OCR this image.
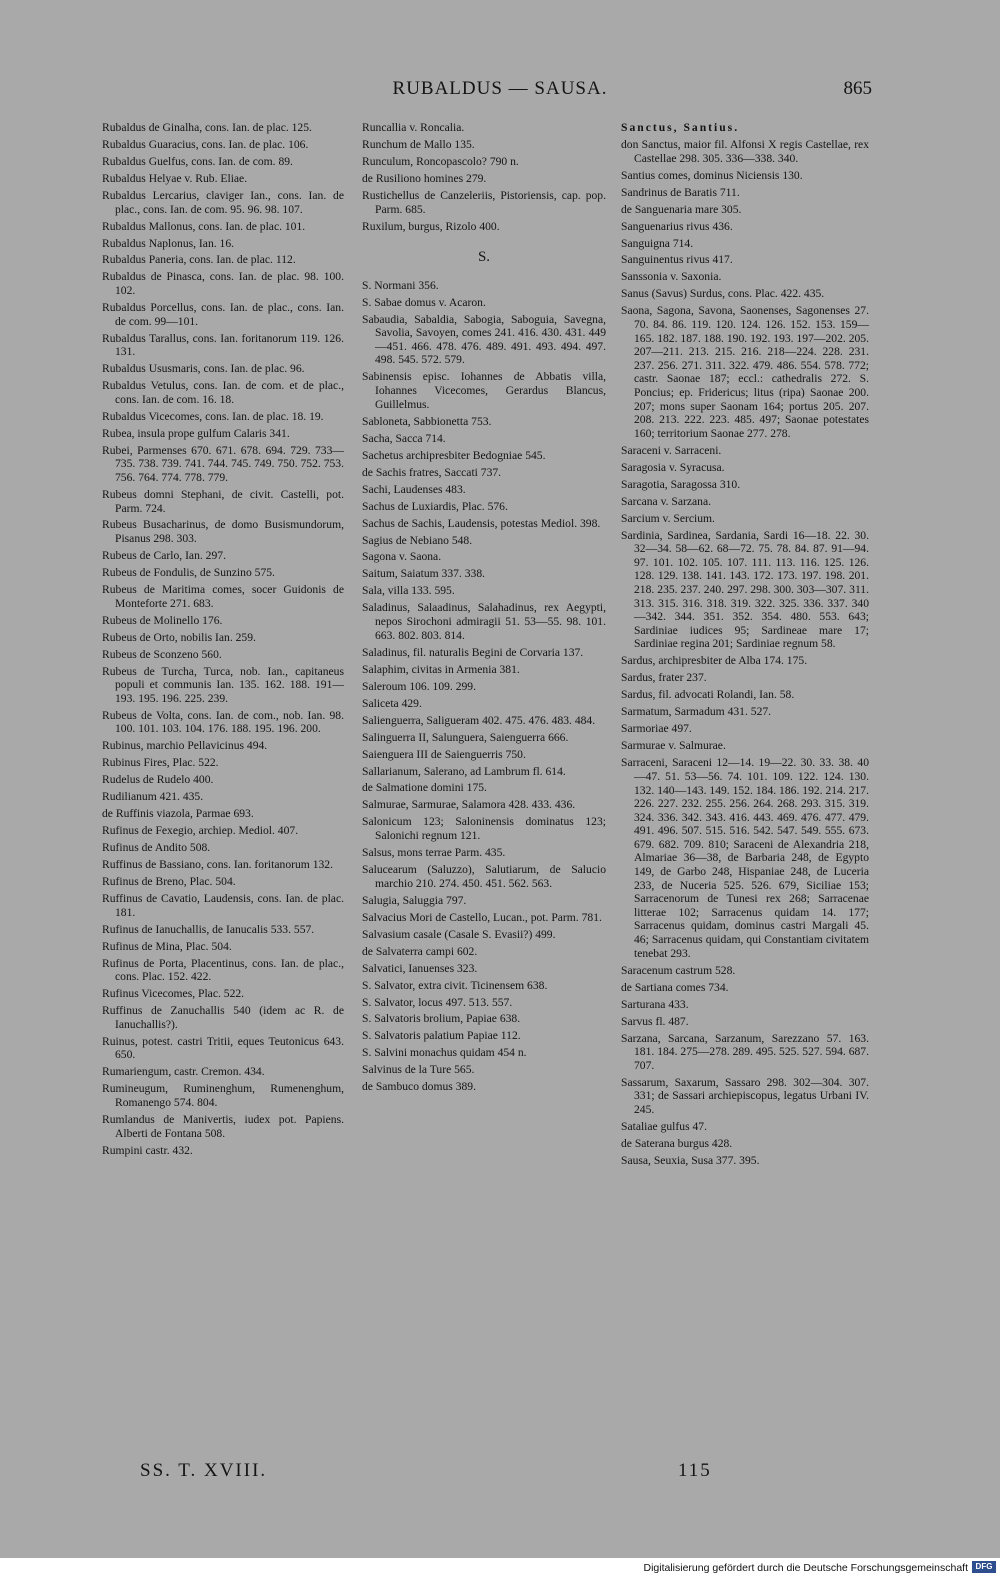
RUBALDUS — SAUSA.	865
Rubaldus de Ginalha, cons. Ian. de plac. 125.
Rubaldus Guaracius, cons. Ian. de plac. 106.
Rubaldus Guelfus, cons. Ian. de com. 89.
Rubaldus Helyae v. Rub. Eliae.
Rubaldus Lercarius, claviger Ian., cons. Ian. de plac., cons. Ian. de com. 95. 96. 98. 107.
Rubaldus Mallonus, cons. Ian. de plac. 101.
Rubaldus Naplonus, Ian. 16.
Rubaldus Paneria, cons. Ian. de plac. 112.
Rubaldus de Pinasca, cons. Ian. de plac. 98. 100. 102.
Rubaldus Porcellus, cons. Ian. de plac., cons. Ian. de com. 99—101.
Rubaldus Tarallus, cons. Ian. foritanorum 119. 126. 131.
Rubaldus Ususmaris, cons. Ian. de plac. 96.
Rubaldus Vetulus, cons. Ian. de com. et de plac., cons. Ian. de com. 16. 18.
Rubaldus Vicecomes, cons. Ian. de plac. 18. 19.
Rubea, insula prope gulfum Calaris 341.
Rubei, Parmenses 670. 671. 678. 694. 729. 733—735. 738. 739. 741. 744. 745. 749. 750. 752. 753. 756. 764. 774. 778. 779.
Rubeus domni Stephani, de civit. Castelli, pot. Parm. 724.
Rubeus Busacharinus, de domo Busismundorum, Pisanus 298. 303.
Rubeus de Carlo, Ian. 297.
Rubeus de Fondulis, de Sunzino 575.
Rubeus de Maritima comes, socer Guidonis de Monteforte 271. 683.
Rubeus de Molinello 176.
Rubeus de Orto, nobilis Ian. 259.
Rubeus de Sconzeno 560.
Rubeus de Turcha, Turca, nob. Ian., capitaneus populi et communis Ian. 135. 162. 188. 191—193. 195. 196. 225. 239.
Rubeus de Volta, cons. Ian. de com., nob. Ian. 98. 100. 101. 103. 104. 176. 188. 195. 196. 200.
Rubinus, marchio Pellavicinus 494.
Rubinus Fires, Plac. 522.
Rudelus de Rudelo 400.
Rudilianum 421. 435.
de Ruffinis viazola, Parmae 693.
Rufinus de Fexegio, archiep. Mediol. 407.
Rufinus de Andito 508.
Ruffinus de Bassiano, cons. Ian. foritanorum 132.
Rufinus de Breno, Plac. 504.
Ruffinus de Cavatio, Laudensis, cons. Ian. de plac. 181.
Rufinus de Ianuchallis, de Ianucalis 533. 557.
Rufinus de Mina, Plac. 504.
Rufinus de Porta, Placentinus, cons. Ian. de plac., cons. Plac. 152. 422.
Rufinus Vicecomes, Plac. 522.
Ruffinus de Zanuchallis 540 (idem ac R. de Ianuchallis?).
Ruinus, potest. castri Tritii, eques Teutonicus 643. 650.
Rumariengum, castr. Cremon. 434.
Rumineugum, Ruminenghum, Rumenenghum, Romanengo 574. 804.
Rumlandus de Manivertis, iudex pot. Papiens. Alberti de Fontana 508.
Rumpini castr. 432.
Runcallia v. Roncalia.
Runchum de Mallo 135.
Runculum, Roncopascolo? 790 n.
de Rusiliono homines 279.
Rustichellus de Canzeleriis, Pistoriensis, cap. pop. Parm. 685.
Ruxilum, burgus, Rizolo 400.
S.
S. Normani 356.
S. Sabae domus v. Acaron.
Sabaudia, Sabaldia, Sabogia, Saboguia, Savegna, Savolia, Savoyen, comes 241. 416. 430. 431. 449—451. 466. 478. 476. 489. 491. 493. 494. 497. 498. 545. 572. 579.
Sabinensis episc. Iohannes de Abbatis villa, Iohannes Vicecomes, Gerardus Blancus, Guillelmus.
Sabloneta, Sabbionetta 753.
Sacha, Sacca 714.
Sachetus archipresbiter Bedogniae 545.
de Sachis fratres, Saccati 737.
Sachi, Laudenses 483.
Sachus de Luxiardis, Plac. 576.
Sachus de Sachis, Laudensis, potestas Mediol. 398.
Sagius de Nebiano 548.
Sagona v. Saona.
Saitum, Saiatum 337. 338.
Sala, villa 133. 595.
Saladinus, Salaadinus, Salahadinus, rex Aegypti, nepos Sirochoni admiragii 51. 53—55. 98. 101. 663. 802. 803. 814.
Saladinus, fil. naturalis Begini de Corvaria 137.
Salaphim, civitas in Armenia 381.
Saleroum 106. 109. 299.
Saliceta 429.
Salienguerra, Saligueram 402. 475. 476. 483. 484.
Salinguerra II, Salunguera, Saienguerra 666.
Saienguera III de Saienguerris 750.
Sallarianum, Salerano, ad Lambrum fl. 614.
de Salmatione domini 175.
Salmurae, Sarmurae, Salamora 428. 433. 436.
Salonicum 123; Saloninensis dominatus 123; Salonichi regnum 121.
Salsus, mons terrae Parm. 435.
Salucearum (Saluzzo), Salutiarum, de Salucio marchio 210. 274. 450. 451. 562. 563.
Salugia, Saluggia 797.
Salvacius Mori de Castello, Lucan., pot. Parm. 781.
Salvasium casale (Casale S. Evasii?) 499.
de Salvaterra campi 602.
Salvatici, Ianuenses 323.
S. Salvator, extra civit. Ticinensem 638.
S. Salvator, locus 497. 513. 557.
S. Salvatoris brolium, Papiae 638.
S. Salvatoris palatium Papiae 112.
S. Salvini monachus quidam 454 n.
Salvinus de la Ture 565.
de Sambuco domus 389.
Sanctus, Santius.
don Sanctus, maior fil. Alfonsi X regis Castellae, rex Castellae 298. 305. 336—338. 340.
Santius comes, dominus Niciensis 130.
Sandrinus de Baratis 711.
de Sanguenaria mare 305.
Sanguenarius rivus 436.
Sanguigna 714.
Sanguinentus rivus 417.
Sanssonia v. Saxonia.
Sanus (Savus) Surdus, cons. Plac. 422. 435.
Saona, Sagona, Savona, Saonenses, Sagonenses 27. 70. 84. 86. 119. 120. 124. 126. 152. 153. 159—165. 182. 187. 188. 190. 192. 193. 197—202. 205. 207—211. 213. 215. 216. 218—224. 228. 231. 237. 256. 271. 311. 322. 479. 486. 554. 578. 772; castr. Saonae 187; eccl.: cathedralis 272. S. Poncius; ep. Fridericus; litus (ripa) Saonae 200. 207; mons super Saonam 164; portus 205. 207. 208. 213. 222. 223. 485. 497; Saonae potestates 160; territorium Saonae 277. 278.
Saraceni v. Sarraceni.
Saragosia v. Syracusa.
Saragotia, Saragossa 310.
Sarcana v. Sarzana.
Sarcium v. Sercium.
Sardinia, Sardinea, Sardania, Sardi 16—18. 22. 30. 32—34. 58—62. 68—72. 75. 78. 84. 87. 91—94. 97. 101. 102. 105. 107. 111. 113. 116. 125. 126. 128. 129. 138. 141. 143. 172. 173. 197. 198. 201. 218. 235. 237. 240. 297. 298. 300. 303—307. 311. 313. 315. 316. 318. 319. 322. 325. 336. 337. 340—342. 344. 351. 352. 354. 480. 553. 643; Sardiniae iudices 95; Sardineae mare 17; Sardiniae regina 201; Sardiniae regnum 58.
Sardus, archipresbiter de Alba 174. 175.
Sardus, frater 237.
Sardus, fil. advocati Rolandi, Ian. 58.
Sarmatum, Sarmadum 431. 527.
Sarmoriae 497.
Sarmurae v. Salmurae.
Sarraceni, Saraceni 12—14. 19—22. 30. 33. 38. 40—47. 51. 53—56. 74. 101. 109. 122. 124. 130. 132. 140—143. 149. 152. 184. 186. 192. 214. 217. 226. 227. 232. 255. 256. 264. 268. 293. 315. 319. 324. 336. 342. 343. 416. 443. 469. 476. 477. 479. 491. 496. 507. 515. 516. 542. 547. 549. 555. 673. 679. 682. 709. 810; Saraceni de Alexandria 218, Almariae 36—38, de Barbaria 248, de Egypto 149, de Garbo 248, Hispaniae 248, de Luceria 233, de Nuceria 525. 526. 679, Siciliae 153; Sarracenorum de Tunesi rex 268; Sarracenae litterae 102; Sarracenus quidam 14. 177; Sarracenus quidam, dominus castri Margali 45. 46; Sarracenus quidam, qui Constantiam civitatem tenebat 293.
Saracenum castrum 528.
de Sartiana comes 734.
Sarturana 433.
Sarvus fl. 487.
Sarzana, Sarcana, Sarzanum, Sarezzano 57. 163. 181. 184. 275—278. 289. 495. 525. 527. 594. 687. 707.
Sassarum, Saxarum, Sassaro 298. 302—304. 307. 331; de Sassari archiepiscopus, legatus Urbani IV. 245.
Sataliae gulfus 47.
de Saterana burgus 428.
Sausa, Seuxia, Susa 377. 395.
SS. T. XVIII.	115
Digitalisierung gefördert durch die Deutsche Forschungsgemeinschaft DFG
